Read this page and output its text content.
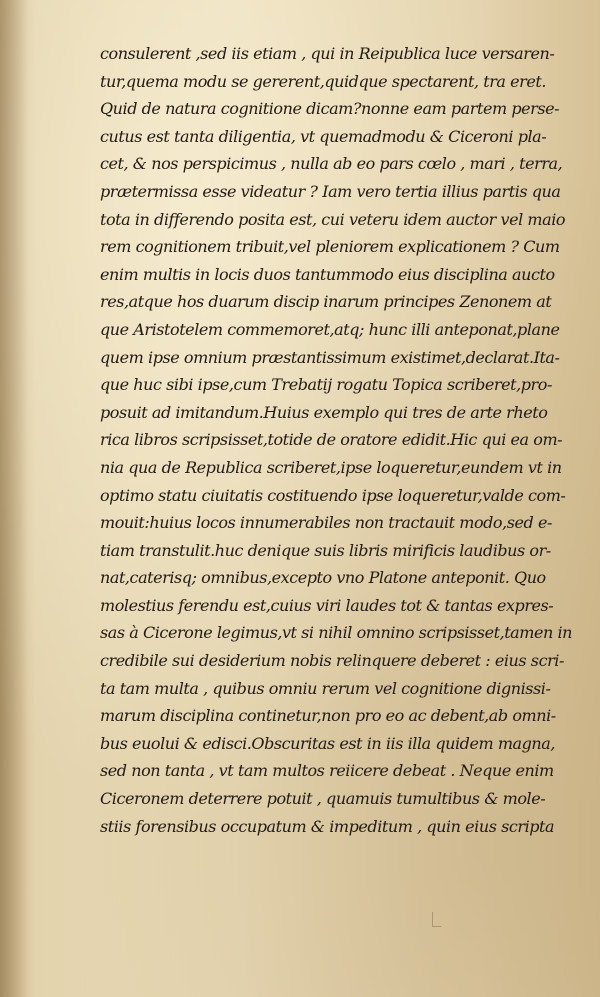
consulerent ,sed iis etiam , qui in Reipublica luce versaren-
tur,quema modu se gererent,quidque spectarent, tra eret.
Quid de natura cognitione dicam?nonne eam partem perse-
cutus est tanta diligentia, vt quemadmodu & Ciceroni pla-
cet, & nos perspicimus , nulla ab eo pars cœlo , mari , terra,
prætermissa esse videatur ? Iam vero tertia illius partis qua
tota in differendo posita est, cui veteru idem auctor vel maio
rem cognitionem tribuit,vel pleniorem explicationem ? Cum
enim multis in locis duos tantummodo eius disciplina aucto
res,atque hos duarum discip inarum principes Zenonem at
que Aristotelem commemoret,atq; hunc illi anteponat,plane
quem ipse omnium præstantissimum existimet,declarat.Ita-
que huc sibi ipse,cum Trebatij rogatu Topica scriberet,pro-
posuit ad imitandum.Huius exemplo qui tres de arte rheto
rica libros scripsisset,totide de oratore edidit.Hic qui ea om-
nia qua de Republica scriberet,ipse loqueretur,eundem vt in
optimo statu ciuitatis costituendo ipse loqueretur,valde com-
mouit:huius locos innumerabiles non tractauit modo,sed e-
tiam transtulit.huc denique suis libris mirificis laudibus or-
nat,caterisq; omnibus,excepto vno Platone anteponit. Quo
molestius ferendu est,cuius viri laudes tot & tantas expres-
sas à Cicerone legimus,vt si nihil omnino scripsisset,tamen in
credibile sui desiderium nobis relinquere deberet : eius scri-
ta tam multa , quibus omniu rerum vel cognitione dignissi-
marum disciplina continetur,non pro eo ac debent,ab omni-
bus euolui & edisci.Obscuritas est in iis illa quidem magna,
sed non tanta , vt tam multos reiicere debeat . Neque enim
Ciceronem deterrere potuit , quamuis tumultibus & mole-
stiis forensibus occupatum & impeditum , quin eius scripta
